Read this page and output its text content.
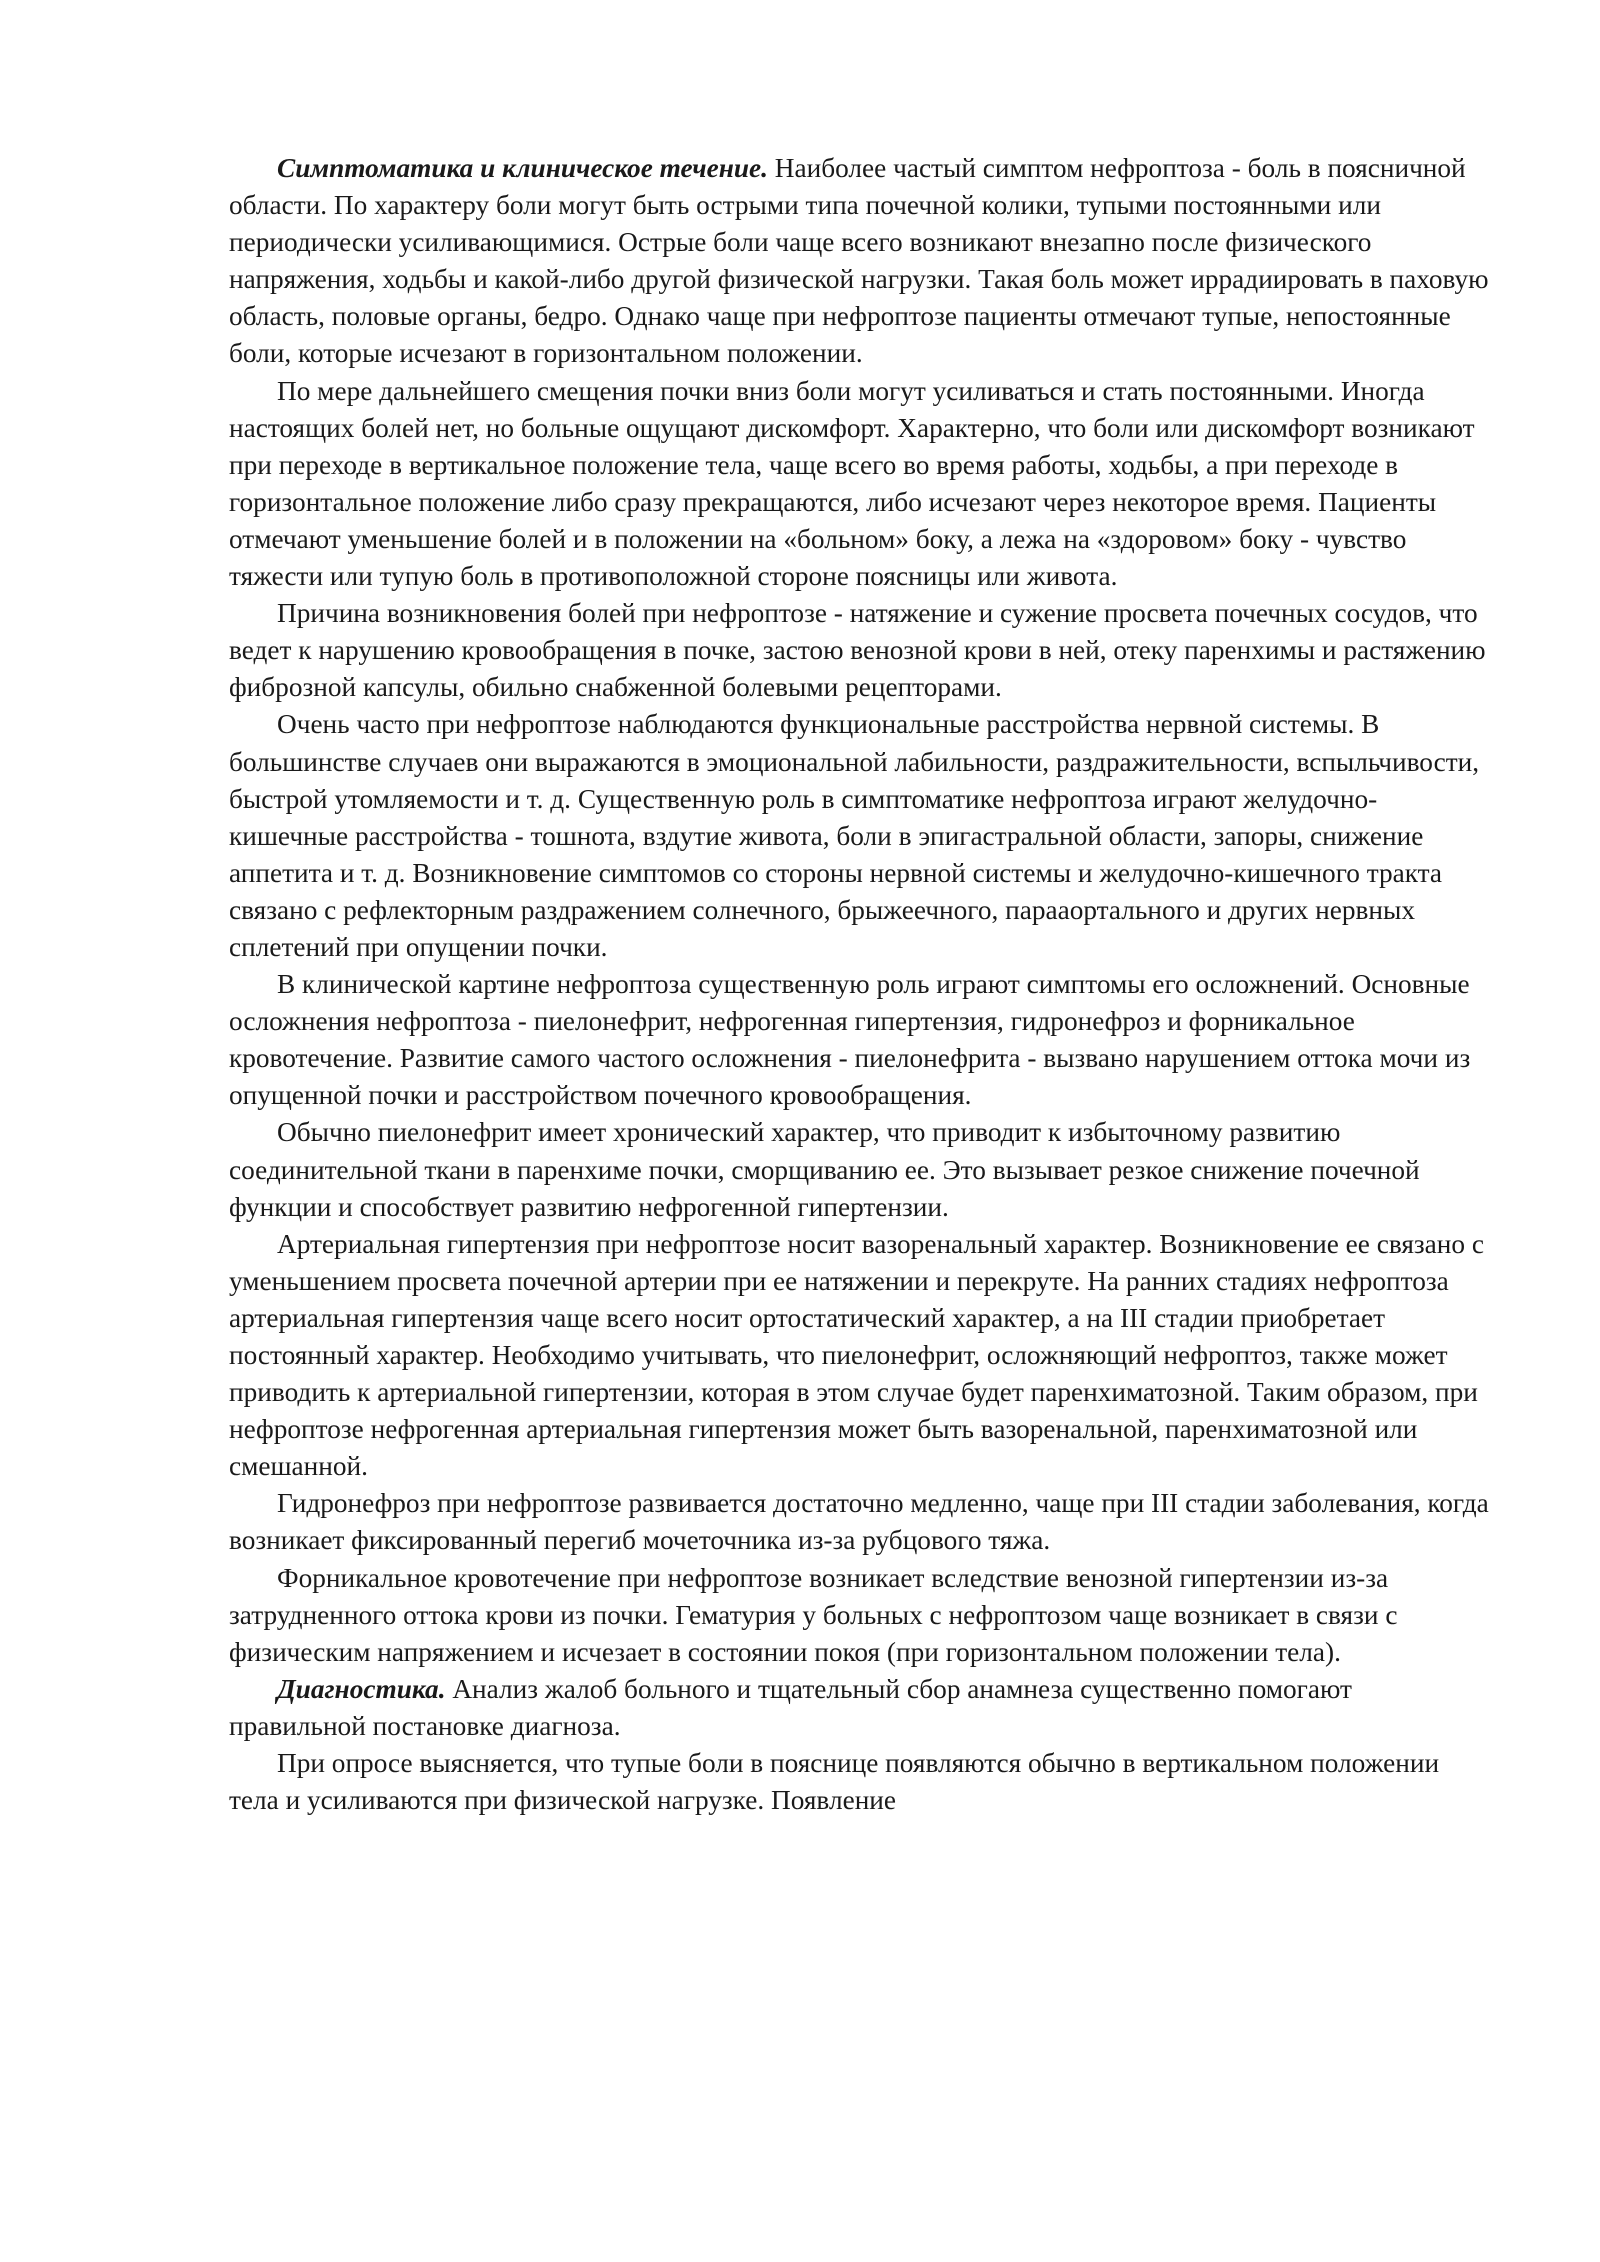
Симптоматика и клиническое течение. Наиболее частый симптом нефроптоза - боль в поясничной области. По характеру боли могут быть острыми типа почечной колики, тупыми постоянными или периодически усиливающимися. Острые боли чаще всего возникают внезапно после физического напряжения, ходьбы и какой-либо другой физической нагрузки. Такая боль может иррадиировать в паховую область, половые органы, бедро. Однако чаще при нефроптозе пациенты отмечают тупые, непостоянные боли, которые исчезают в горизонтальном положении.

По мере дальнейшего смещения почки вниз боли могут усиливаться и стать постоянными. Иногда настоящих болей нет, но больные ощущают дискомфорт. Характерно, что боли или дискомфорт возникают при переходе в вертикальное положение тела, чаще всего во время работы, ходьбы, а при переходе в горизонтальное положение либо сразу прекращаются, либо исчезают через некоторое время. Пациенты отмечают уменьшение болей и в положении на «больном» боку, а лежа на «здоровом» боку - чувство тяжести или тупую боль в противоположной стороне поясницы или живота.

Причина возникновения болей при нефроптозе - натяжение и сужение просвета почечных сосудов, что ведет к нарушению кровообращения в почке, застою венозной крови в ней, отеку паренхимы и растяжению фиброзной капсулы, обильно снабженной болевыми рецепторами.

Очень часто при нефроптозе наблюдаются функциональные расстройства нервной системы. В большинстве случаев они выражаются в эмоциональной лабильности, раздражительности, вспыльчивости, быстрой утомляемости и т. д. Существенную роль в симптоматике нефроптоза играют желудочно-кишечные расстройства - тошнота, вздутие живота, боли в эпигастральной области, запоры, снижение аппетита и т. д. Возникновение симптомов со стороны нервной системы и желудочно-кишечного тракта связано с рефлекторным раздражением солнечного, брыжеечного, парааортального и других нервных сплетений при опущении почки.

В клинической картине нефроптоза существенную роль играют симптомы его осложнений. Основные осложнения нефроптоза - пиелонефрит, нефрогенная гипертензия, гидронефроз и форникальное кровотечение. Развитие самого частого осложнения - пиелонефрита - вызвано нарушением оттока мочи из опущенной почки и расстройством почечного кровообращения.

Обычно пиелонефрит имеет хронический характер, что приводит к избыточному развитию соединительной ткани в паренхиме почки, сморщиванию ее. Это вызывает резкое снижение почечной функции и способствует развитию нефрогенной гипертензии.

Артериальная гипертензия при нефроптозе носит вазоренальный характер. Возникновение ее связано с уменьшением просвета почечной артерии при ее натяжении и перекруте. На ранних стадиях нефроптоза артериальная гипертензия чаще всего носит ортостатический характер, а на III стадии приобретает постоянный характер. Необходимо учитывать, что пиелонефрит, осложняющий нефроптоз, также может приводить к артериальной гипертензии, которая в этом случае будет паренхиматозной. Таким образом, при нефроптозе нефрогенная артериальная гипертензия может быть вазоренальной, паренхиматозной или смешанной.

Гидронефроз при нефроптозе развивается достаточно медленно, чаще при III стадии заболевания, когда возникает фиксированный перегиб мочеточника из-за рубцового тяжа.

Форникальное кровотечение при нефроптозе возникает вследствие венозной гипертензии из-за затрудненного оттока крови из почки. Гематурия у больных с нефроптозом чаще возникает в связи с физическим напряжением и исчезает в состоянии покоя (при горизонтальном положении тела).

Диагностика. Анализ жалоб больного и тщательный сбор анамнеза существенно помогают правильной постановке диагноза.

При опросе выясняется, что тупые боли в пояснице появляются обычно в вертикальном положении тела и усиливаются при физической нагрузке. Появление
